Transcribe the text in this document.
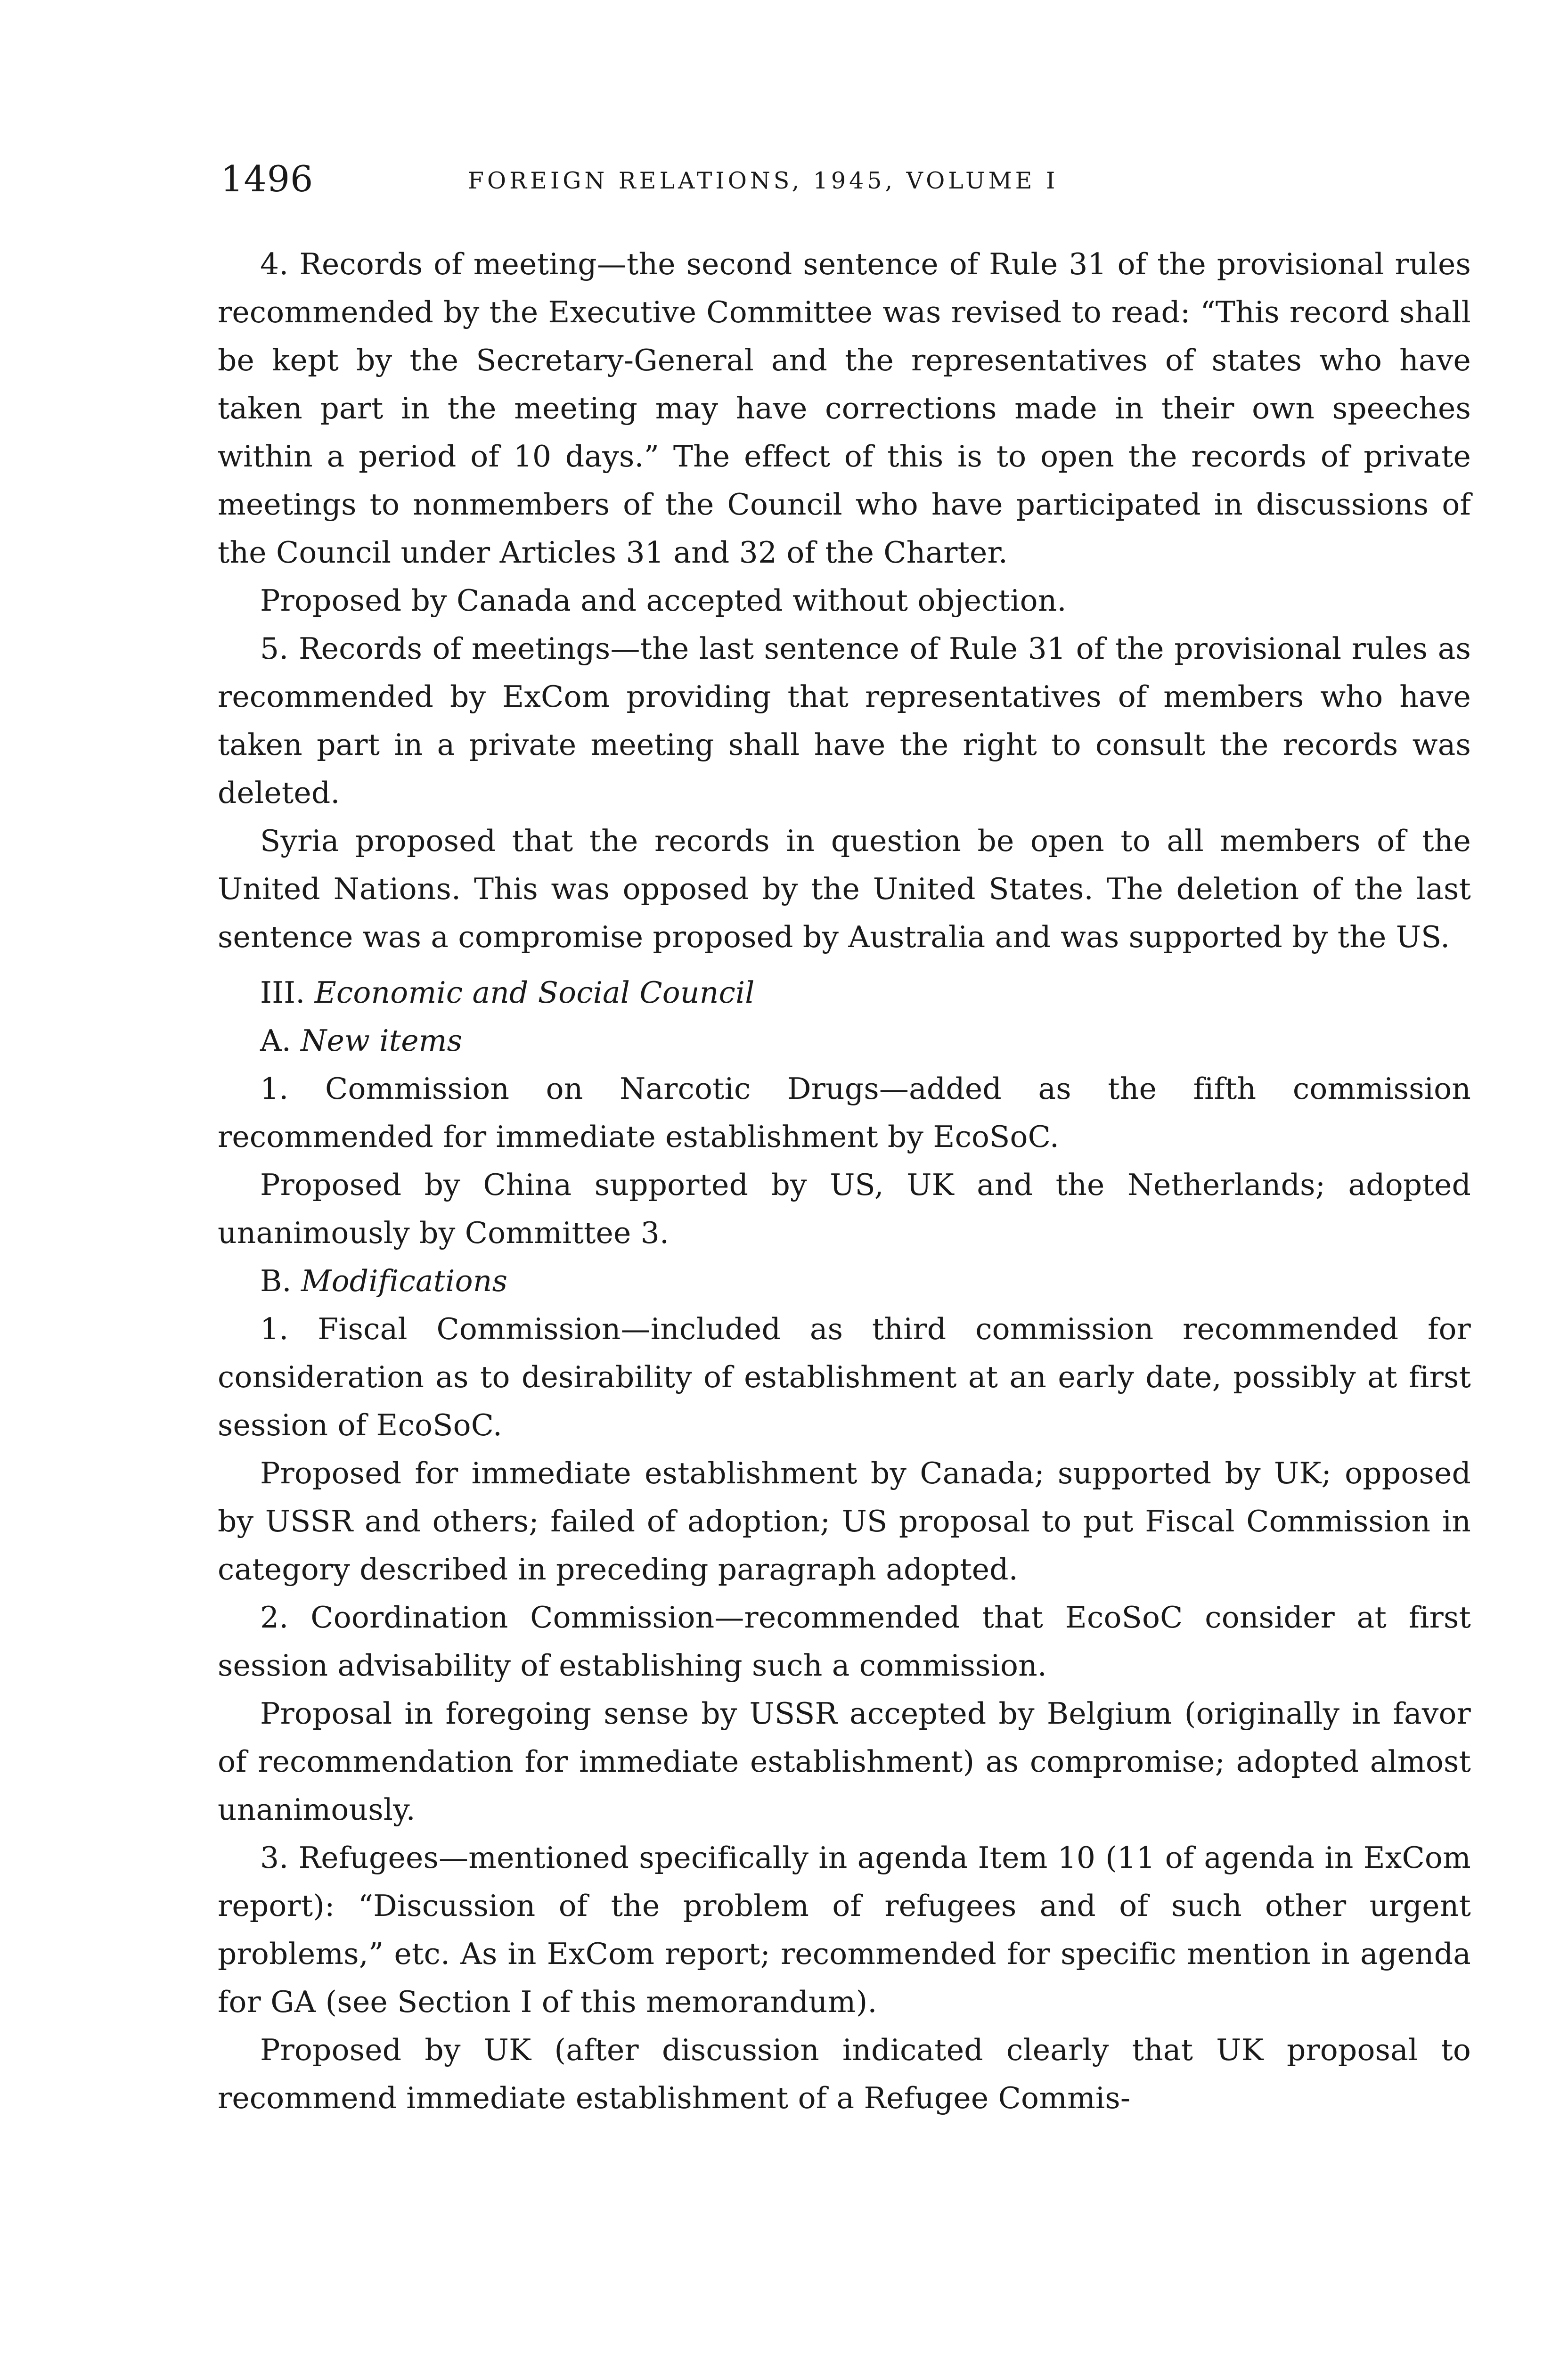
1496	FOREIGN RELATIONS, 1945, VOLUME I

4. Records of meeting—the second sentence of Rule 31 of the provisional rules recommended by the Executive Committee was revised to read: “This record shall be kept by the Secretary-General and the representatives of states who have taken part in the meeting may have corrections made in their own speeches within a period of 10 days.” The effect of this is to open the records of private meetings to nonmembers of the Council who have participated in discussions of the Council under Articles 31 and 32 of the Charter.

Proposed by Canada and accepted without objection.

5. Records of meetings—the last sentence of Rule 31 of the provisional rules as recommended by ExCom providing that representatives of members who have taken part in a private meeting shall have the right to consult the records was deleted.

Syria proposed that the records in question be open to all members of the United Nations. This was opposed by the United States. The deletion of the last sentence was a compromise proposed by Australia and was supported by the US.

III. Economic and Social Council

A. New items

1. Commission on Narcotic Drugs—added as the fifth commission recommended for immediate establishment by EcoSoC.

Proposed by China supported by US, UK and the Netherlands; adopted unanimously by Committee 3.

B. Modifications

1. Fiscal Commission—included as third commission recommended for consideration as to desirability of establishment at an early date, possibly at first session of EcoSoC.

Proposed for immediate establishment by Canada; supported by UK; opposed by USSR and others; failed of adoption; US proposal to put Fiscal Commission in category described in preceding paragraph adopted.

2. Coordination Commission—recommended that EcoSoC consider at first session advisability of establishing such a commission.

Proposal in foregoing sense by USSR accepted by Belgium (originally in favor of recommendation for immediate establishment) as compromise; adopted almost unanimously.

3. Refugees—mentioned specifically in agenda Item 10 (11 of agenda in ExCom report): “Discussion of the problem of refugees and of such other urgent problems,” etc. As in ExCom report; recommended for specific mention in agenda for GA (see Section I of this memorandum).

Proposed by UK (after discussion indicated clearly that UK proposal to recommend immediate establishment of a Refugee Commis-
